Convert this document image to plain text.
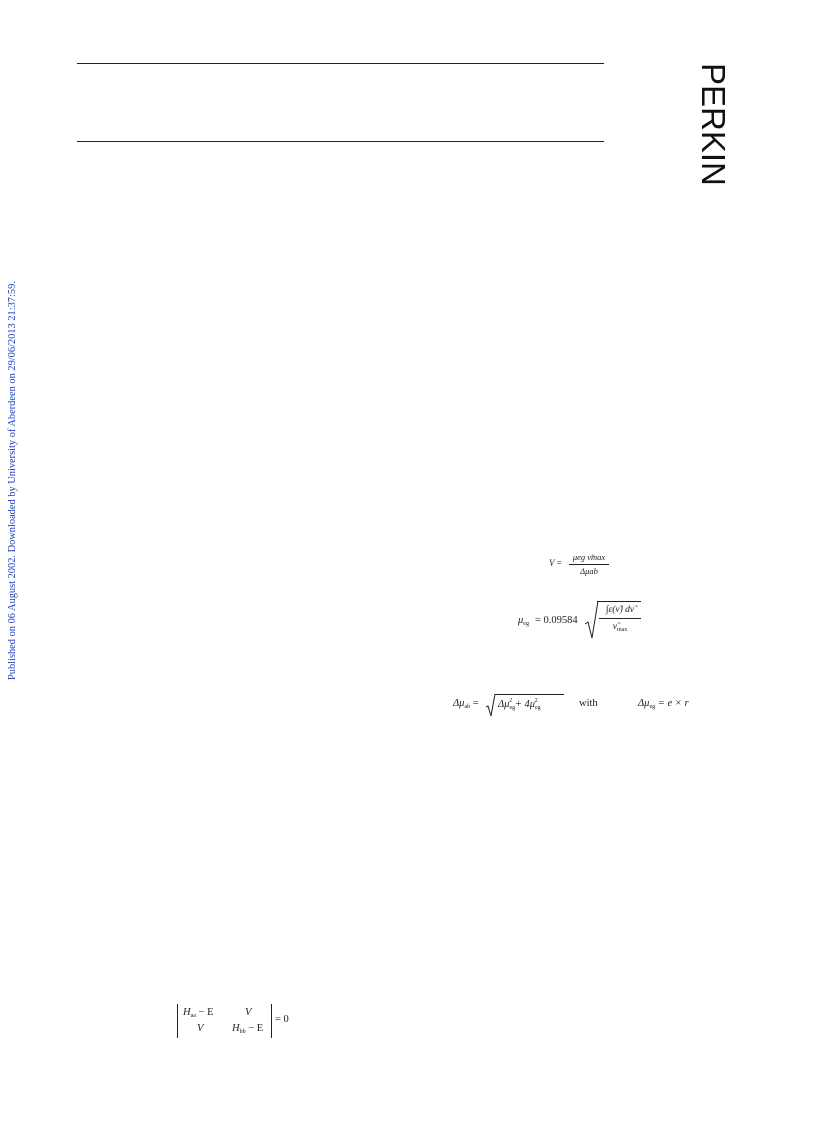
PERKIN
Published on 06 August 2002. Downloaded by University of Aberdeen on 29/06/2013 21:37:59.	V =
μeg ν̃max
Δμab
$\mu_{eg} = 0.09584$
∫ε(ν̃) dν̃
$\nũ_{max}$
$\Delta\mu_{ab} = \Delta\mu_{eg}^2 + 4\mu_{eg}^2$	with	$\Delta\mu_{eg} = e \times r$
$H_{aa} - E$	V
V	$H_{bb} - E$
= 0
